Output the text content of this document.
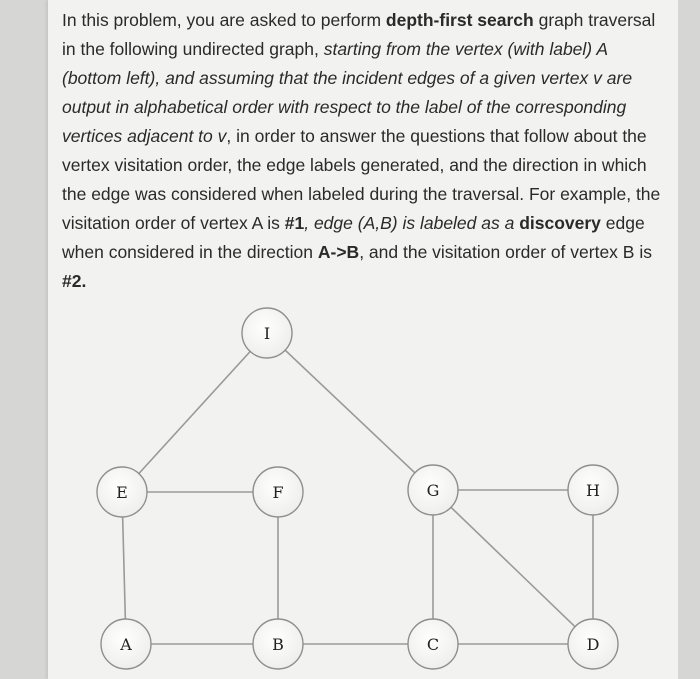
In this problem, you are asked to perform depth-first search graph traversal in the following undirected graph, starting from the vertex (with label) A (bottom left), and assuming that the incident edges of a given vertex v are output in alphabetical order with respect to the label of the corresponding vertices adjacent to v, in order to answer the questions that follow about the vertex visitation order, the edge labels generated, and the direction in which the edge was considered when labeled during the traversal. For example, the visitation order of vertex A is #1, edge (A,B) is labeled as a discovery edge when considered in the direction A->B, and the visitation order of vertex B is #2.

I
E	F	G	H
A	B	C	D
